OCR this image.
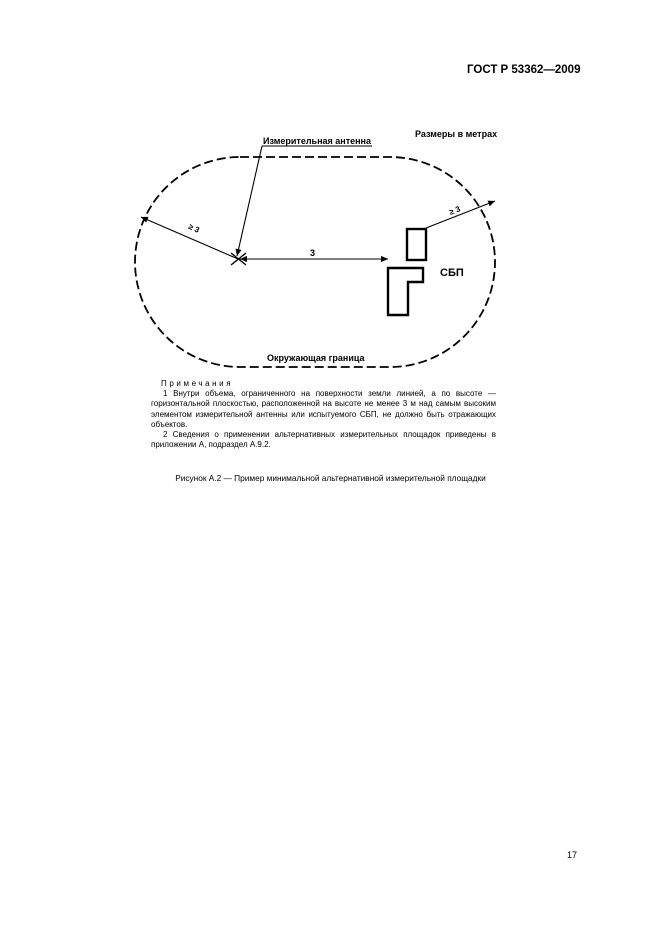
ГОСТ Р 53362—2009
Размеры в метрах
Измерительная антенна
СБП
3
≥ 3
≥ 3
Окружающая граница

Примечания

1 Внутри объема, ограниченного на поверхности земли линией, а по высоте — горизонтальной плоскостью, расположенной на высоте не менее 3 м над самым высоким элементом измерительной антенны или испытуемого СБП, не должно быть отражающих объектов.

2 Сведения о применении альтернативных измерительных площадок приведены в приложении А, подраздел А.9.2.

Рисунок А.2 — Пример минимальной альтернативной измерительной площадки
17
